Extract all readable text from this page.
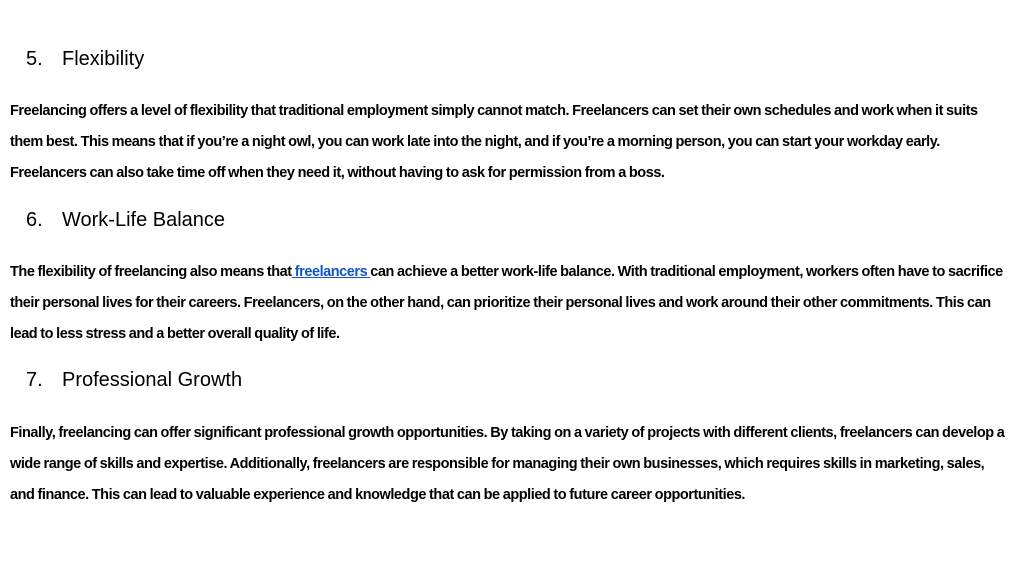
5. Flexibility

Freelancing offers a level of flexibility that traditional employment simply cannot match. Freelancers can set their own schedules and work when it suits them best. This means that if you’re a night owl, you can work late into the night, and if you’re a morning person, you can start your workday early. Freelancers can also take time off when they need it, without having to ask for permission from a boss.

6. Work-Life Balance

The flexibility of freelancing also means that freelancers can achieve a better work-life balance. With traditional employment, workers often have to sacrifice their personal lives for their careers. Freelancers, on the other hand, can prioritize their personal lives and work around their other commitments. This can lead to less stress and a better overall quality of life.

7. Professional Growth

Finally, freelancing can offer significant professional growth opportunities. By taking on a variety of projects with different clients, freelancers can develop a wide range of skills and expertise. Additionally, freelancers are responsible for managing their own businesses, which requires skills in marketing, sales, and finance. This can lead to valuable experience and knowledge that can be applied to future career opportunities.
